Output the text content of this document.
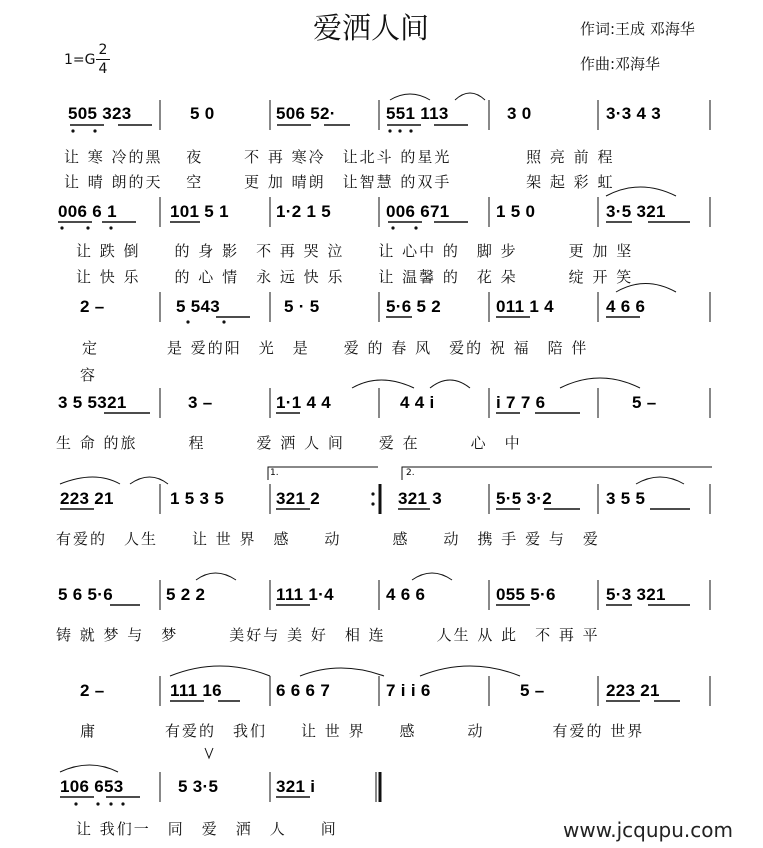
爱洒人间	作词:王成 邓海华
作曲:邓海华
1=G
2
4
505 323	5 0	506 52·	551 113	3 0	3·3 4 3
让 寒 冷的黑　 夜　　 不 再 寒冷　让北斗 的星光　　　　 照 亮 前 程
让 晴 朗的天　 空　　 更 加 晴朗　让智慧 的双手　　　　 架 起 彩 虹
006 6 1	101 5 1	1·2 1 5	006 671	1 5 0	3·5 321
让 跌 倒　　的 身 影　不 再 哭 泣　　让 心中 的　脚 步　　　更 加 坚
让 快 乐　　的 心 情　永 远 快 乐　　让 温馨 的　花 朵　　　绽 开 笑
2 –	5 543	5 · 5	5·6 5 2	011 1 4	4 6 6
定　　　　是 爱的阳　光　是　　爱 的 春 风　爱的 祝 福　陪 伴
容
3 5 5321	3 –	1·1 4 4	4 4 i	i 7 7 6	5 –
生 命 的旅　　　程　　　爱 洒 人 间　　爱 在　　　心　中
223 21	1 5 3 5	321 2	321 3	5·5 3·2	3 5 5
1.	2.
有爱的　人生　　让 世 界　感　　动　　　感　　动　携 手 爱 与　爱
5 6 5·6	5 2 2	111 1·4	4 6 6	055 5·6	5·3 321
铸 就 梦 与　梦　　　美好与 美 好　相 连　　　人生 从 此　不 再 平
2 –	111 16	6 6 6 7	7 i i 6	5 –	223 21
庸　　　　有爱的　我们　　让 世 界　　感　　　动　　　　有爱的 世界
106 653	5 3·5	321 i
让 我们一　同　爱　洒　人　　间	www.jcqupu.com
